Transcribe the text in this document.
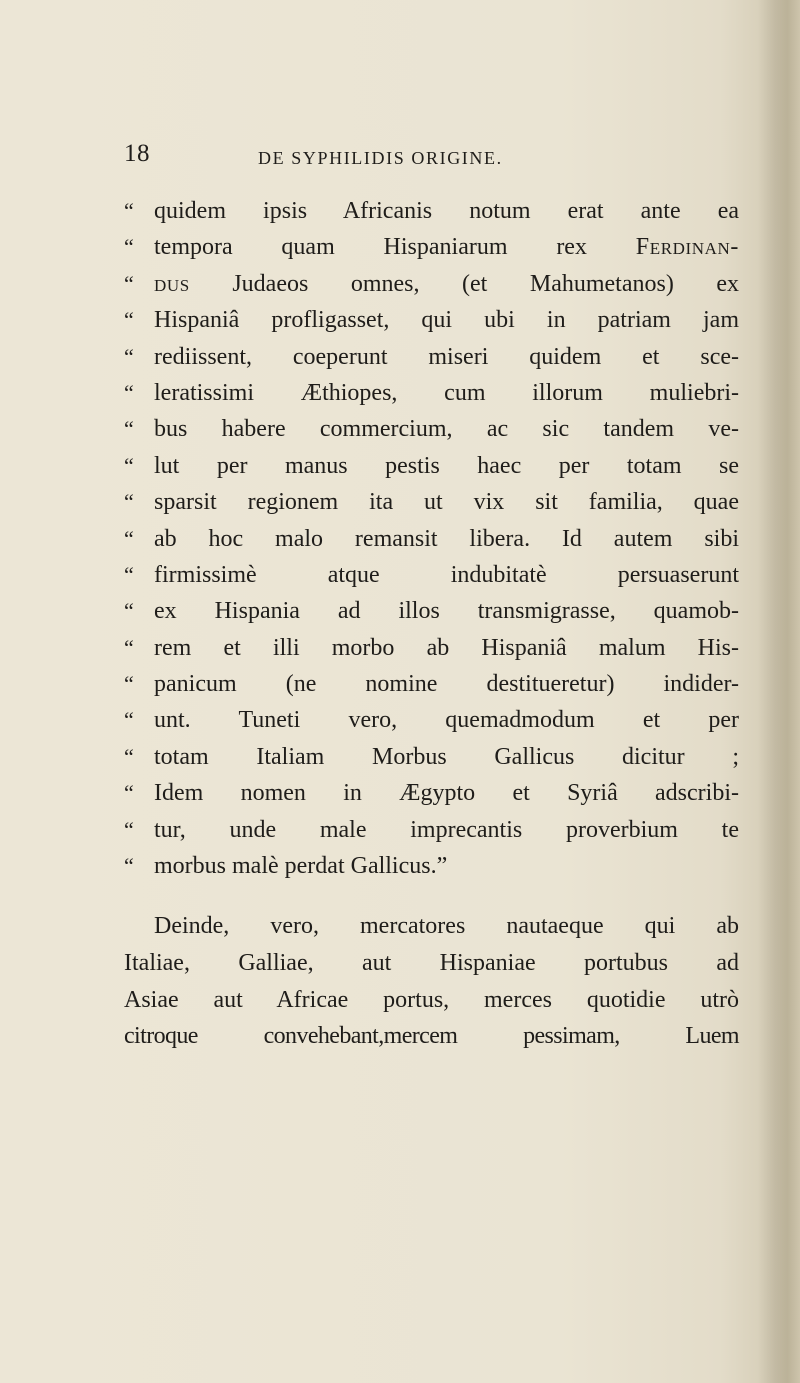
18	DE SYPHILIDIS ORIGINE.
“ quidem ipsis Africanis notum erat ante ea
“ tempora quam Hispaniarum rex Ferdinan-
“ dus Judaeos omnes, (et Mahumetanos) ex
“ Hispaniâ profligasset, qui ubi in patriam jam
“ rediissent, coeperunt miseri quidem et sce-
“ leratissimi Æthiopes, cum illorum muliebri-
“ bus habere commercium, ac sic tandem ve-
“ lut per manus pestis haec per totam se
“ sparsit regionem ita ut vix sit familia, quae
“ ab hoc malo remansit libera. Id autem sibi
“ firmissimè atque indubitatè persuaserunt
“ ex Hispania ad illos transmigrasse, quamob-
“ rem et illi morbo ab Hispaniâ malum His-
“ panicum (ne nomine destitueretur) indider-
“ unt. Tuneti vero, quemadmodum et per
“ totam Italiam Morbus Gallicus dicitur ;
“ Idem nomen in Ægypto et Syriâ adscribi-
“ tur, unde male imprecantis proverbium te
“ morbus malè perdat Gallicus.”
Deinde, vero, mercatores nautaeque qui ab
Italiae, Galliae, aut Hispaniae portubus ad
Asiae aut Africae portus, merces quotidie utrò
citroque convehebant,mercem pessimam, Luem
